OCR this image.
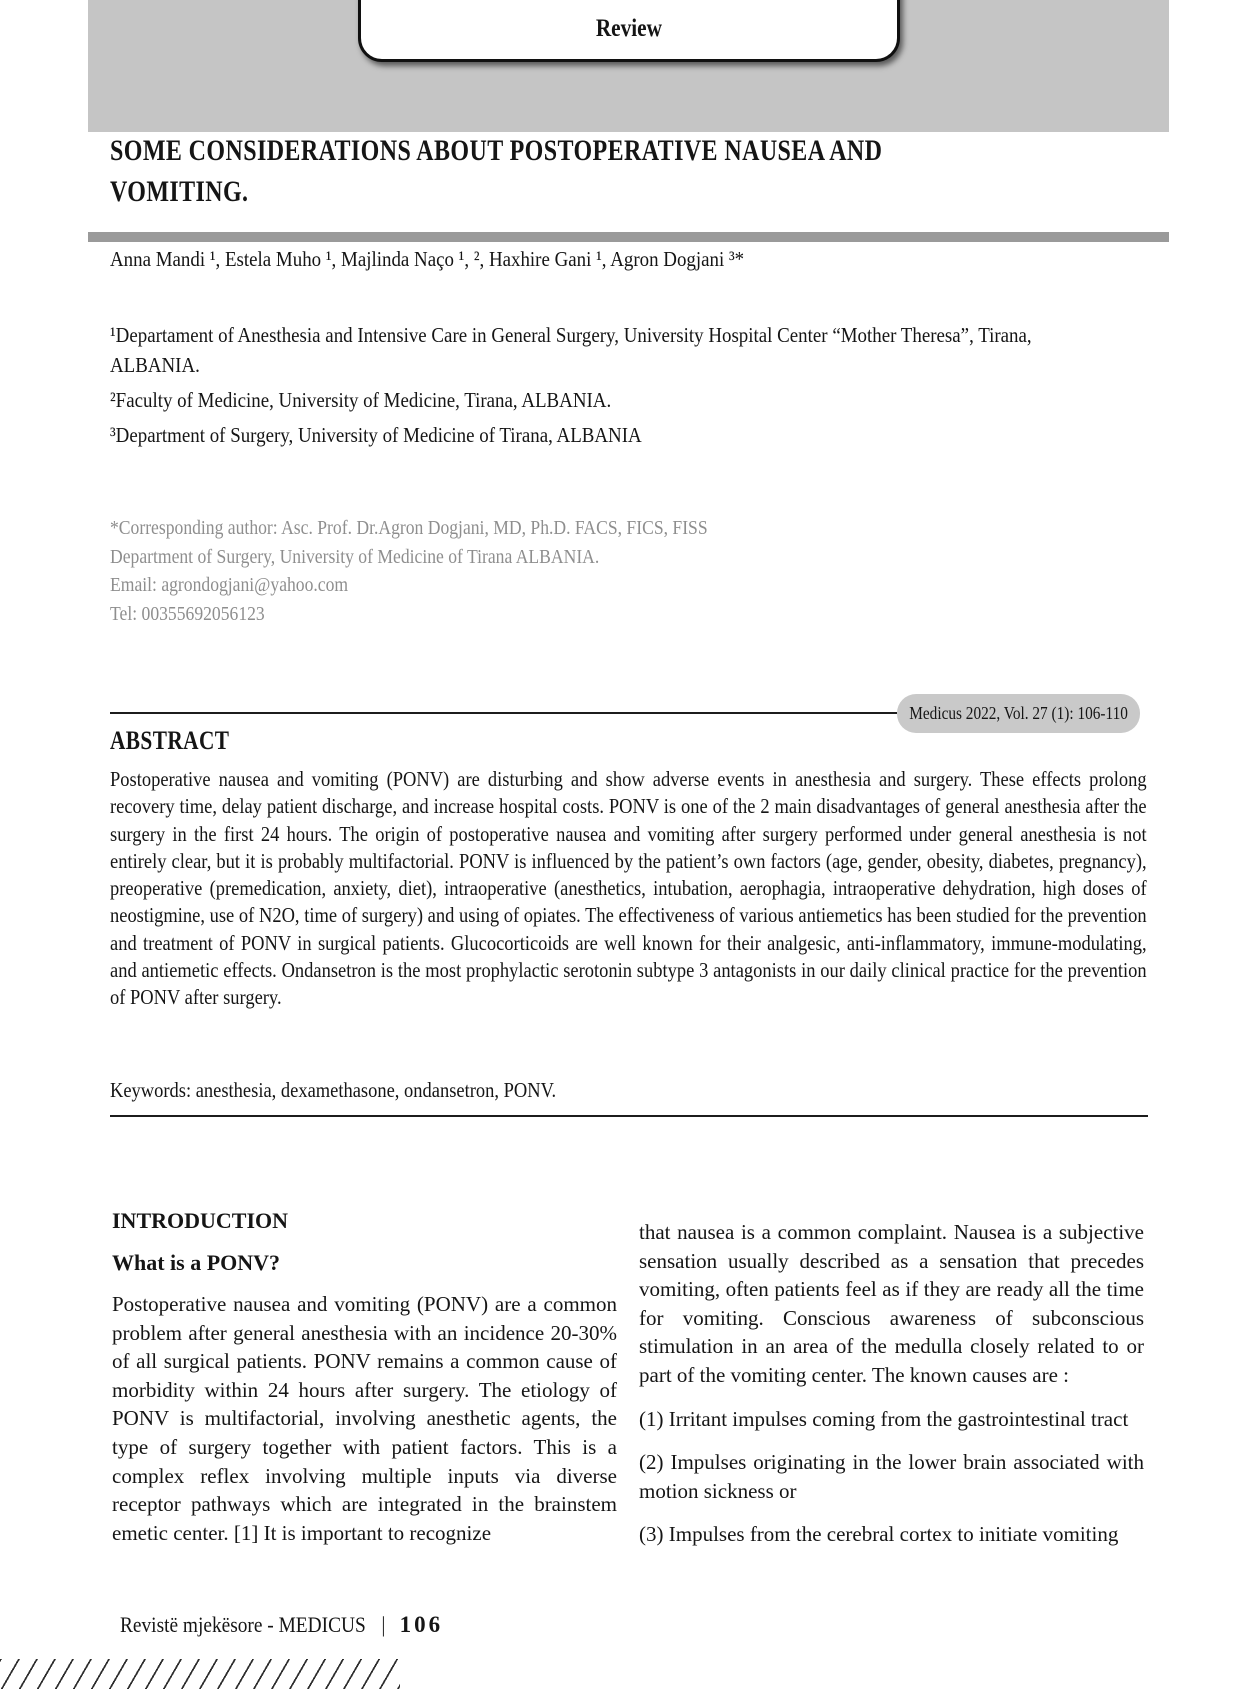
Review
SOME CONSIDERATIONS ABOUT POSTOPERATIVE NAUSEA AND VOMITING.

Anna Mandi ¹, Estela Muho ¹, Majlinda Naço ¹, ², Haxhire Gani ¹, Agron Dogjani ³*

¹Departament of Anesthesia and Intensive Care in General Surgery, University Hospital Center “Mother Theresa”, Tirana, ALBANIA.

²Faculty of Medicine, University of Medicine, Tirana, ALBANIA.

³Department of Surgery, University of Medicine of Tirana, ALBANIA

*Corresponding author: Asc. Prof. Dr.Agron Dogjani, MD, Ph.D. FACS, FICS, FISS

Department of Surgery, University of Medicine of Tirana ALBANIA.

Email: agrondogjani@yahoo.com

Tel: 00355692056123

Medicus 2022, Vol. 27 (1): 106-110
ABSTRACT

Postoperative nausea and vomiting (PONV) are disturbing and show adverse events in anesthesia and surgery. These effects prolong recovery time, delay patient discharge, and increase hospital costs. PONV is one of the 2 main disadvantages of general anesthesia after the surgery in the first 24 hours. The origin of postoperative nausea and vomiting after surgery performed under general anesthesia is not entirely clear, but it is probably multifactorial. PONV is influenced by the patient’s own factors (age, gender, obesity, diabetes, pregnancy), preoperative (premedication, anxiety, diet), intraoperative (anesthetics, intubation, aerophagia, intraoperative dehydration, high doses of neostigmine, use of N2O, time of surgery) and using of opiates. The effectiveness of various antiemetics has been studied for the prevention and treatment of PONV in surgical patients. Glucocorticoids are well known for their analgesic, anti-inflammatory, immune-modulating, and antiemetic effects. Ondansetron is the most prophylactic serotonin subtype 3 antagonists in our daily clinical practice for the prevention of PONV after surgery.

Keywords: anesthesia, dexamethasone, ondansetron, PONV.

INTRODUCTION
What is a PONV?

Postoperative nausea and vomiting (PONV) are a common problem after general anesthesia with an incidence 20-30% of all surgical patients. PONV remains a common cause of morbidity within 24 hours after surgery. The etiology of PONV is multifactorial, involving anesthetic agents, the type of surgery together with patient factors. This is a complex reflex involving multiple inputs via diverse receptor pathways which are integrated in the brainstem emetic center. [1] It is important to recognize

that nausea is a common complaint. Nausea is a subjective sensation usually described as a sensation that precedes vomiting, often patients feel as if they are ready all the time for vomiting. Conscious awareness of subconscious stimulation in an area of the medulla closely related to or part of the vomiting center. The known causes are :

(1) Irritant impulses coming from the gastrointestinal tract

(2) Impulses originating in the lower brain associated with motion sickness or

(3) Impulses from the cerebral cortex to initiate vomiting

Revistë mjekësore - MEDICUS | 106
